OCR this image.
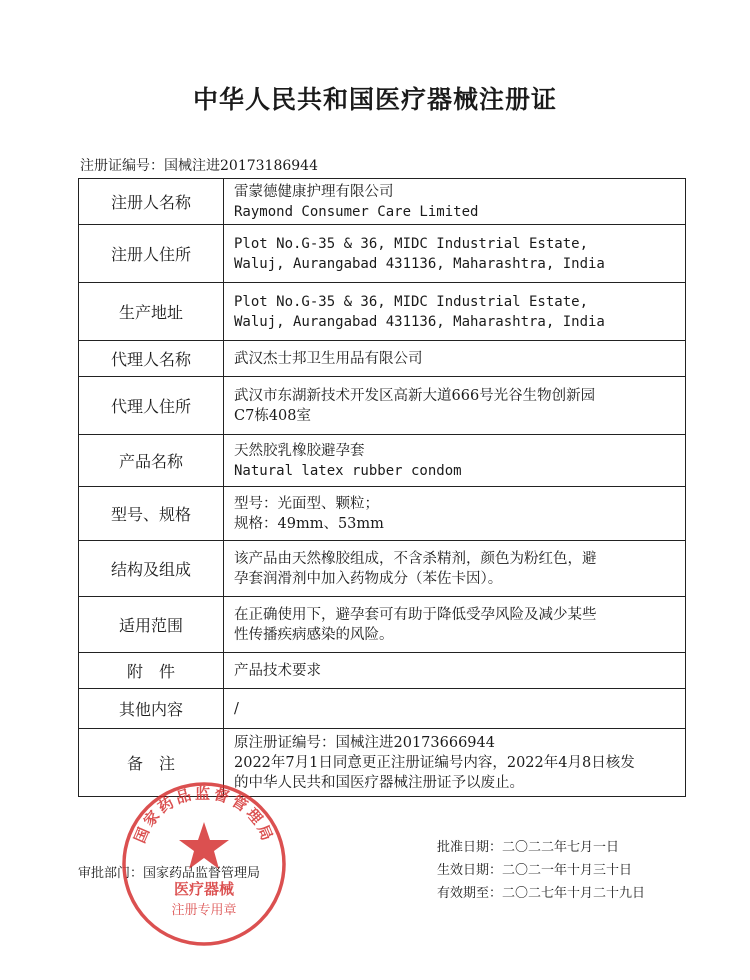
中华人民共和国医疗器械注册证
注册证编号：国械注进20173186944
注册人名称	雷蒙德健康护理有限公司
Raymond Consumer Care Limited

注册人住所	Plot No.G-35 & 36, MIDC Industrial Estate,
Waluj, Aurangabad 431136, Maharashtra, India

生产地址	Plot No.G-35 & 36, MIDC Industrial Estate,
Waluj, Aurangabad 431136, Maharashtra, India

代理人名称	武汉杰士邦卫生用品有限公司

代理人住所	武汉市东湖新技术开发区高新大道666号光谷生物创新园
C7栋408室

产品名称	天然胶乳橡胶避孕套
Natural latex rubber condom

型号、规格	型号：光面型、颗粒；
规格：49mm、53mm

结构及组成	该产品由天然橡胶组成，不含杀精剂，颜色为粉红色，避
孕套润滑剂中加入药物成分（苯佐卡因）。

适用范围	在正确使用下，避孕套可有助于降低受孕风险及减少某些
性传播疾病感染的风险。

附　件	产品技术要求

其他内容	/

备　注	原注册证编号：国械注进20173666944
2022年7月1日同意更正注册证编号内容，2022年4月8日核发
的中华人民共和国医疗器械注册证予以废止。
审批部门：国家药品监督管理局
批准日期：二〇二二年七月一日
生效日期：二〇二一年十月三十日
有效期至：二〇二七年十月二十九日
国家药品监督管理局
医疗器械
注册专用章
